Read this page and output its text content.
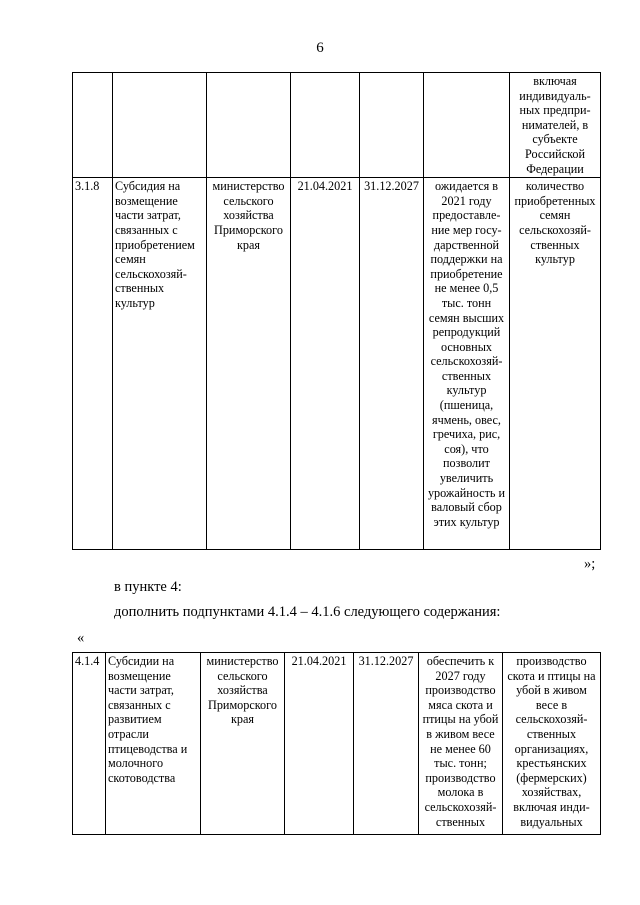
6
						включая индивидуаль-ных предпри-нимателей, в субъекте Российской Федерации
3.1.8	Субсидия на возмещение части затрат, связанных с приобретением семян сельскохозяй-ственных культур	министерство сельского хозяйства Приморского края	21.04.2021	31.12.2027	ожидается в 2021 году предоставле-ние мер госу-дарственной поддержки на приобретение не менее 0,5 тыс. тонн семян высших репродукций основных сельскохозяй-ственных культур (пшеница, ячмень, овес, гречиха, рис, соя), что позволит увеличить урожайность и валовый сбор этих культур	количество приобретенных семян сельскохозяй-ственных культур
»;
в пункте 4:
дополнить подпунктами 4.1.4 – 4.1.6 следующего содержания:
«
4.1.4	Субсидии на возмещение части затрат, связанных с развитием отрасли птицеводства и молочного скотоводства	министерство сельского хозяйства Приморского края	21.04.2021	31.12.2027	обеспечить к 2027 году производство мяса скота и птицы на убой в живом весе не менее 60 тыс. тонн; производство молока в сельскохозяй-ственных	производство скота и птицы на убой в живом весе в сельскохозяй-ственных организациях, крестьянских (фермерских) хозяйствах, включая инди-видуальных
